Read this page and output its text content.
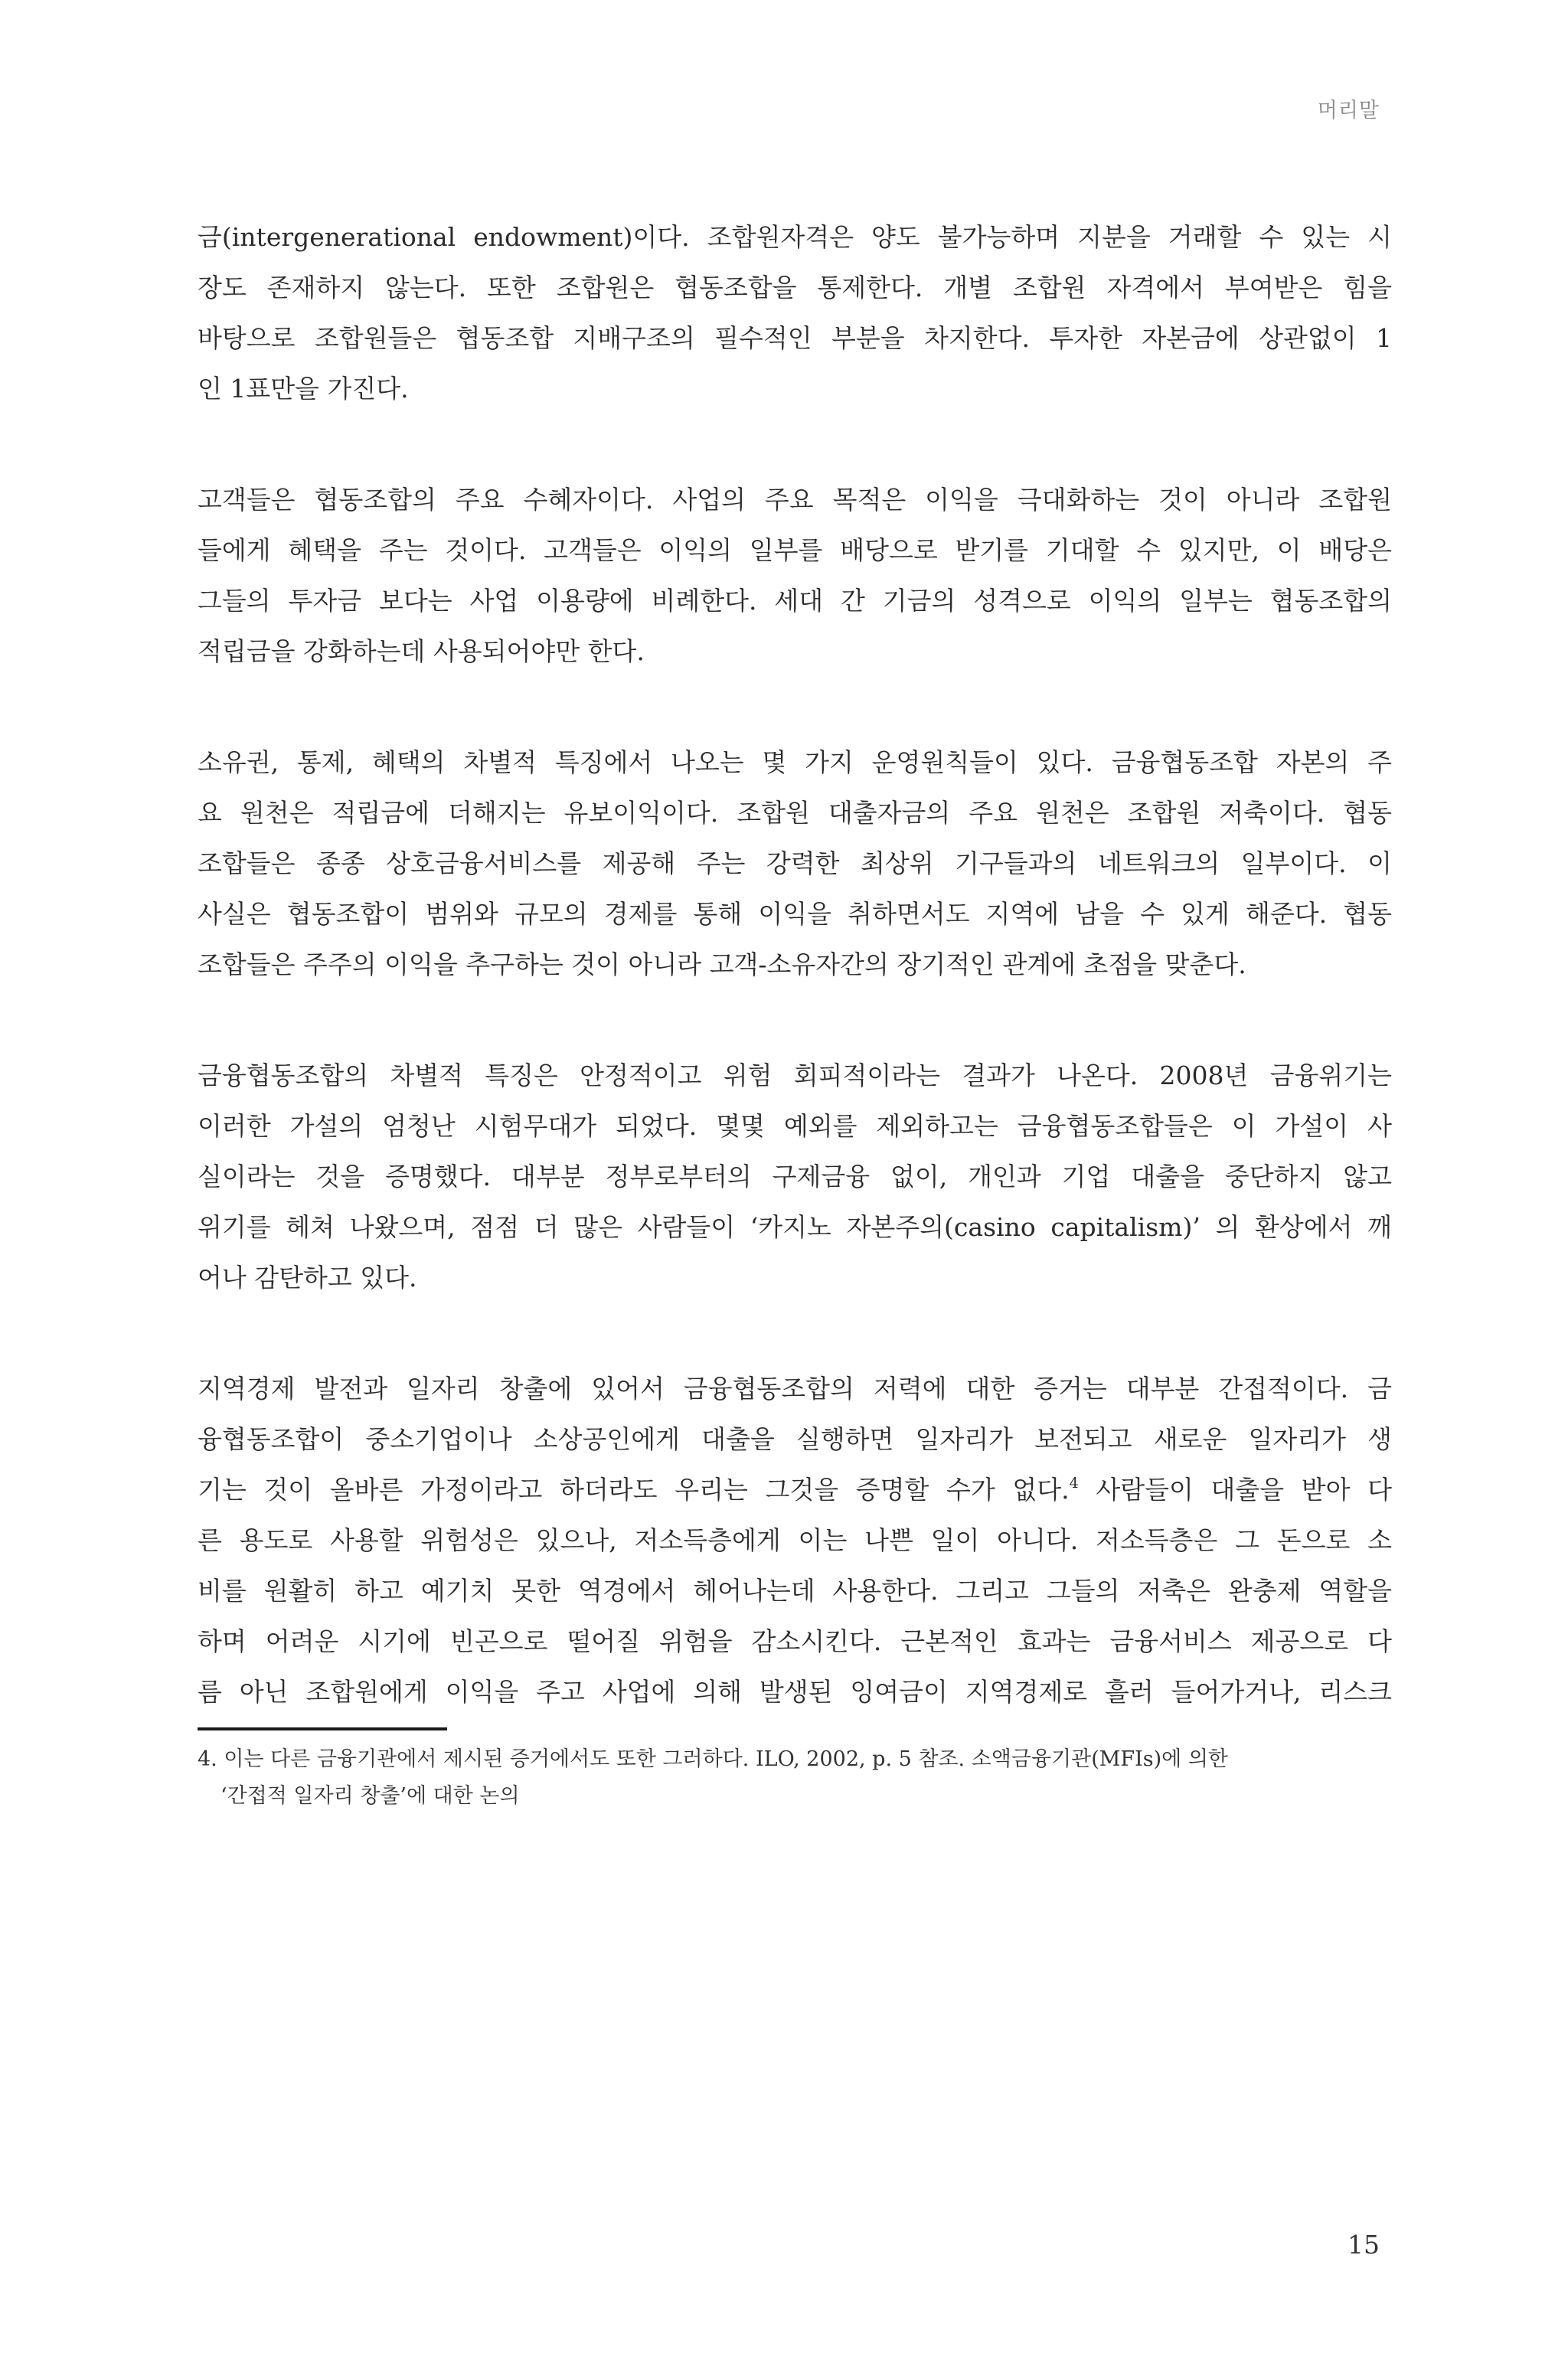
머리말
금(intergenerational endowment)이다. 조합원자격은 양도 불가능하며 지분을 거래할 수 있는 시
장도 존재하지 않는다. 또한 조합원은 협동조합을 통제한다. 개별 조합원 자격에서 부여받은 힘을
바탕으로 조합원들은 협동조합 지배구조의 필수적인 부분을 차지한다. 투자한 자본금에 상관없이 1
인 1표만을 가진다.
고객들은 협동조합의 주요 수혜자이다. 사업의 주요 목적은 이익을 극대화하는 것이 아니라 조합원
들에게 혜택을 주는 것이다. 고객들은 이익의 일부를 배당으로 받기를 기대할 수 있지만, 이 배당은
그들의 투자금 보다는 사업 이용량에 비례한다. 세대 간 기금의 성격으로 이익의 일부는 협동조합의
적립금을 강화하는데 사용되어야만 한다.
소유권, 통제, 혜택의 차별적 특징에서 나오는 몇 가지 운영원칙들이 있다. 금융협동조합 자본의 주
요 원천은 적립금에 더해지는 유보이익이다. 조합원 대출자금의 주요 원천은 조합원 저축이다. 협동
조합들은 종종 상호금융서비스를 제공해 주는 강력한 최상위 기구들과의 네트워크의 일부이다. 이
사실은 협동조합이 범위와 규모의 경제를 통해 이익을 취하면서도 지역에 남을 수 있게 해준다. 협동
조합들은 주주의 이익을 추구하는 것이 아니라 고객-소유자간의 장기적인 관계에 초점을 맞춘다.
금융협동조합의 차별적 특징은 안정적이고 위험 회피적이라는 결과가 나온다. 2008년 금융위기는
이러한 가설의 엄청난 시험무대가 되었다. 몇몇 예외를 제외하고는 금융협동조합들은 이 가설이 사
실이라는 것을 증명했다. 대부분 정부로부터의 구제금융 없이, 개인과 기업 대출을 중단하지 않고
위기를 헤쳐 나왔으며, 점점 더 많은 사람들이 ‘카지노 자본주의(casino capitalism)’ 의 환상에서 깨
어나 감탄하고 있다.
지역경제 발전과 일자리 창출에 있어서 금융협동조합의 저력에 대한 증거는 대부분 간접적이다. 금
융협동조합이 중소기업이나 소상공인에게 대출을 실행하면 일자리가 보전되고 새로운 일자리가 생
기는 것이 올바른 가정이라고 하더라도 우리는 그것을 증명할 수가 없다.$^4$ 사람들이 대출을 받아 다
른 용도로 사용할 위험성은 있으나, 저소득층에게 이는 나쁜 일이 아니다. 저소득층은 그 돈으로 소
비를 원활히 하고 예기치 못한 역경에서 헤어나는데 사용한다. 그리고 그들의 저축은 완충제 역할을
하며 어려운 시기에 빈곤으로 떨어질 위험을 감소시킨다. 근본적인 효과는 금융서비스 제공으로 다
름 아닌 조합원에게 이익을 주고 사업에 의해 발생된 잉여금이 지역경제로 흘러 들어가거나, 리스크
4. 이는 다른 금융기관에서 제시된 증거에서도 또한 그러하다. ILO, 2002, p. 5 참조. 소액금융기관(MFIs)에 의한
‘간접적 일자리 창출’에 대한 논의
15
